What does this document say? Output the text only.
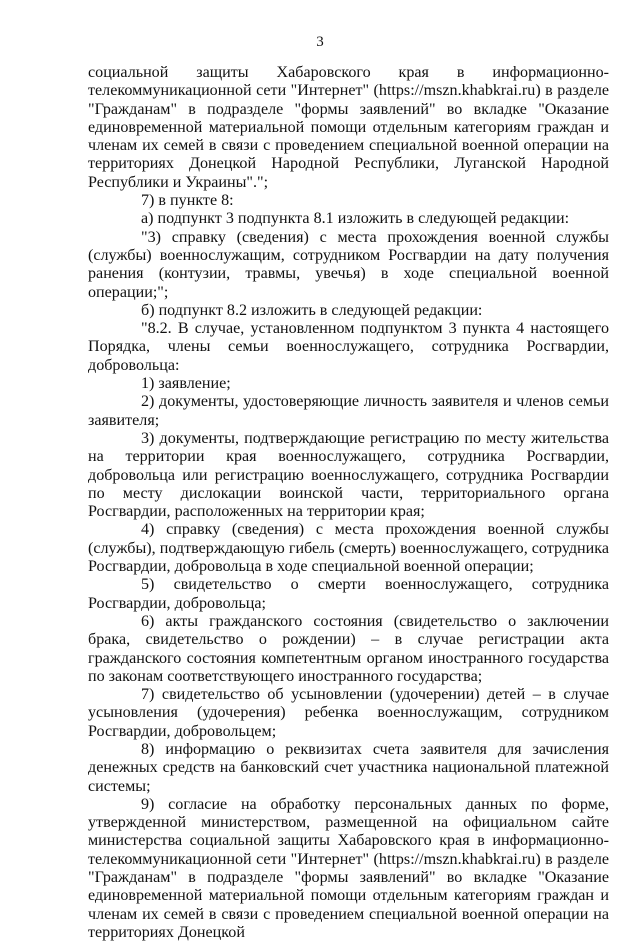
3

социальной защиты Хабаровского края в информационно-телекоммуникационной сети "Интернет" (https://mszn.khabkrai.ru) в разделе "Гражданам" в подразделе "формы заявлений" во вкладке "Оказание единовременной материальной помощи отдельным категориям граждан и членам их семей в связи с проведением специальной военной операции на территориях Донецкой Народной Республики, Луганской Народной Республики и Украины".";

7) в пункте 8:

а) подпункт 3 подпункта 8.1 изложить в следующей редакции:

"3) справку (сведения) с места прохождения военной службы (службы) военнослужащим, сотрудником Росгвардии на дату получения ранения (контузии, травмы, увечья) в ходе специальной военной операции;";

б) подпункт 8.2 изложить в следующей редакции:

"8.2. В случае, установленном подпунктом 3 пункта 4 настоящего Порядка, члены семьи военнослужащего, сотрудника Росгвардии, добровольца:

1) заявление;

2) документы, удостоверяющие личность заявителя и членов семьи заявителя;

3) документы, подтверждающие регистрацию по месту жительства на территории края военнослужащего, сотрудника Росгвардии, добровольца или регистрацию военнослужащего, сотрудника Росгвардии по месту дислокации воинской части, территориального органа Росгвардии, расположенных на территории края;

4) справку (сведения) с места прохождения военной службы (службы), подтверждающую гибель (смерть) военнослужащего, сотрудника Росгвардии, добровольца в ходе специальной военной операции;

5) свидетельство о смерти военнослужащего, сотрудника Росгвардии, добровольца;

6) акты гражданского состояния (свидетельство о заключении брака, свидетельство о рождении) – в случае регистрации акта гражданского состояния компетентным органом иностранного государства по законам соответствующего иностранного государства;

7) свидетельство об усыновлении (удочерении) детей – в случае усыновления (удочерения) ребенка военнослужащим, сотрудником Росгвардии, добровольцем;

8) информацию о реквизитах счета заявителя для зачисления денежных средств на банковский счет участника национальной платежной системы;

9) согласие на обработку персональных данных по форме, утвержденной министерством, размещенной на официальном сайте министерства социальной защиты Хабаровского края в информационно-телекоммуникационной сети "Интернет" (https://mszn.khabkrai.ru) в разделе "Гражданам" в подразделе "формы заявлений" во вкладке "Оказание единовременной материальной помощи отдельным категориям граждан и членам их семей в связи с проведением специальной военной операции на территориях Донецкой
